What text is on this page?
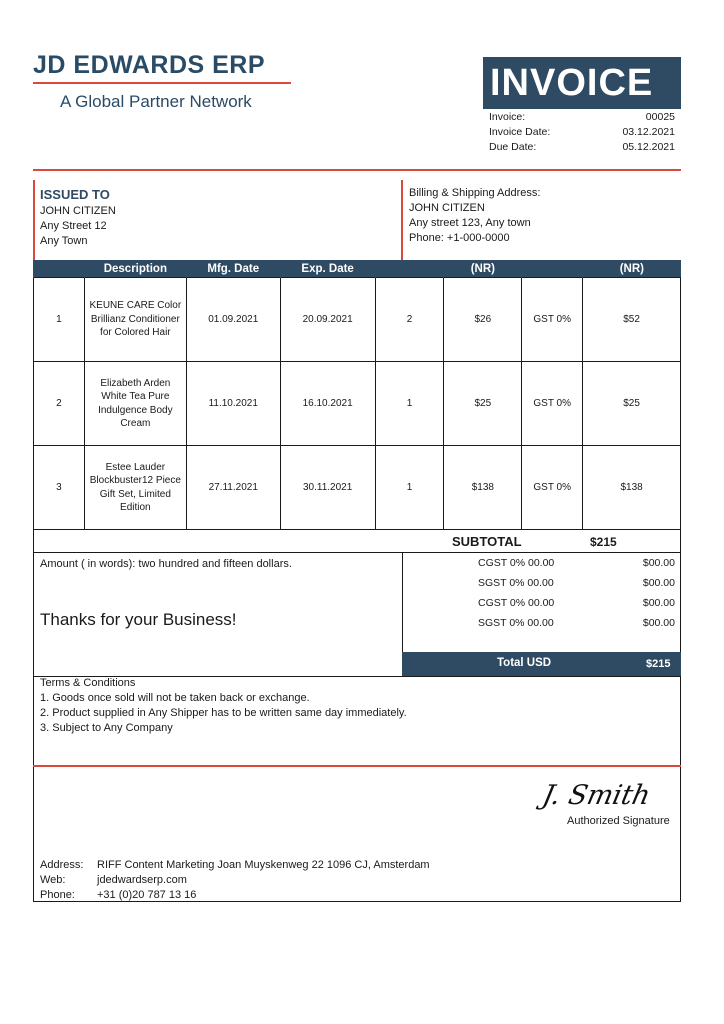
JD EDWARDS ERP
A Global Partner Network	INVOICE
Invoice:	00025
Invoice Date:	03.12.2021
Due Date:	05.12.2021
ISSUED TO
JOHN CITIZEN
Any Street 12
Any Town
Billing & Shipping Address:
JOHN CITIZEN
Any street 123, Any town
Phone: +1-000-0000
	Description	Mfg. Date	Exp. Date		(NR)		(NR)
1	KEUNE CARE Color Brillianz Conditioner for Colored Hair	01.09.2021	20.09.2021	2	$26	GST 0%	$52
2	Elizabeth Arden White Tea Pure Indulgence Body Cream	11.10.2021	16.10.2021	1	$25	GST 0%	$25
3	Estee Lauder Blockbuster12 Piece Gift Set, Limited Edition	27.11.2021	30.11.2021	1	$138	GST 0%	$138
SUBTOTAL	$215
Amount ( in words): two hundred and fifteen dollars.
Thanks for your Business!
CGST 0% 00.00	$00.00
SGST 0% 00.00	$00.00
CGST 0% 00.00	$00.00
SGST 0% 00.00	$00.00
Total USD	$215
Terms & Conditions
1. Goods once sold will not be taken back or exchange.
2. Product supplied in Any Shipper has to be written same day immediately.
3. Subject to Any Company
J. Smith
Authorized Signature
Address: RIFF Content Marketing Joan Muyskenweg 22 1096 CJ, Amsterdam
Web:	jdedwardserp.com
Phone: +31 (0)20 787 13 16
